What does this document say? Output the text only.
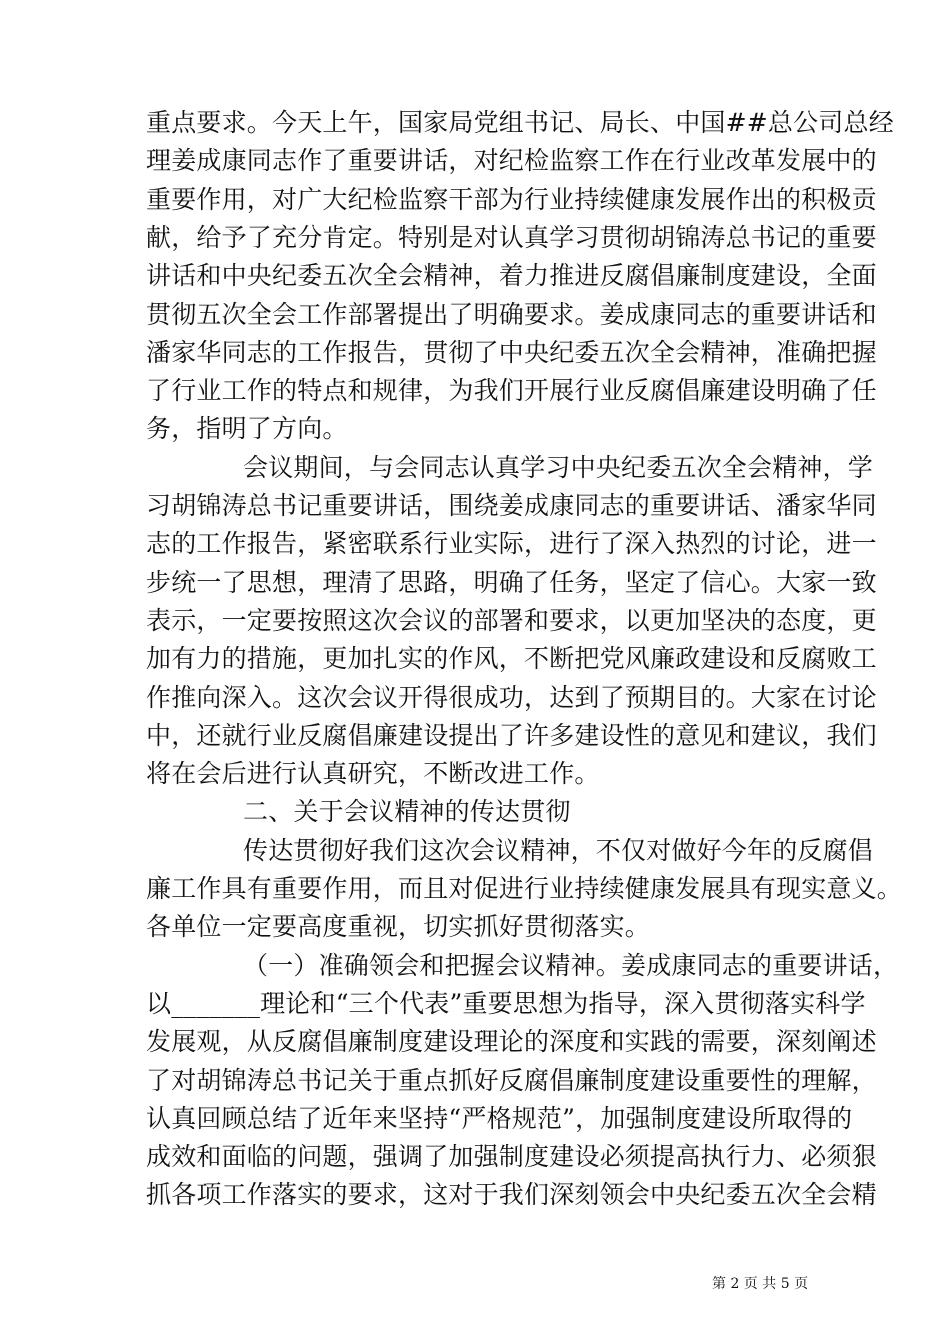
重点要求。今天上午，国家局党组书记、局长、中国##总公司总经
理姜成康同志作了重要讲话，对纪检监察工作在行业改革发展中的
重要作用，对广大纪检监察干部为行业持续健康发展作出的积极贡
献，给予了充分肯定。特别是对认真学习贯彻胡锦涛总书记的重要
讲话和中央纪委五次全会精神，着力推进反腐倡廉制度建设，全面
贯彻五次全会工作部署提出了明确要求。姜成康同志的重要讲话和
潘家华同志的工作报告，贯彻了中央纪委五次全会精神，准确把握
了行业工作的特点和规律，为我们开展行业反腐倡廉建设明确了任
务，指明了方向。
会议期间，与会同志认真学习中央纪委五次全会精神，学
习胡锦涛总书记重要讲话，围绕姜成康同志的重要讲话、潘家华同
志的工作报告，紧密联系行业实际，进行了深入热烈的讨论，进一
步统一了思想，理清了思路，明确了任务，坚定了信心。大家一致
表示，一定要按照这次会议的部署和要求，以更加坚决的态度，更
加有力的措施，更加扎实的作风，不断把党风廉政建设和反腐败工
作推向深入。这次会议开得很成功，达到了预期目的。大家在讨论
中，还就行业反腐倡廉建设提出了许多建设性的意见和建议，我们
将在会后进行认真研究，不断改进工作。
二、关于会议精神的传达贯彻
传达贯彻好我们这次会议精神，不仅对做好今年的反腐倡
廉工作具有重要作用，而且对促进行业持续健康发展具有现实意义。
各单位一定要高度重视，切实抓好贯彻落实。
（一）准确领会和把握会议精神。姜成康同志的重要讲话，
以_______理论和“三个代表”重要思想为指导，深入贯彻落实科学
发展观，从反腐倡廉制度建设理论的深度和实践的需要，深刻阐述
了对胡锦涛总书记关于重点抓好反腐倡廉制度建设重要性的理解，
认真回顾总结了近年来坚持“严格规范”，加强制度建设所取得的
成效和面临的问题，强调了加强制度建设必须提高执行力、必须狠
抓各项工作落实的要求，这对于我们深刻领会中央纪委五次全会精
第 2 页 共 5 页
